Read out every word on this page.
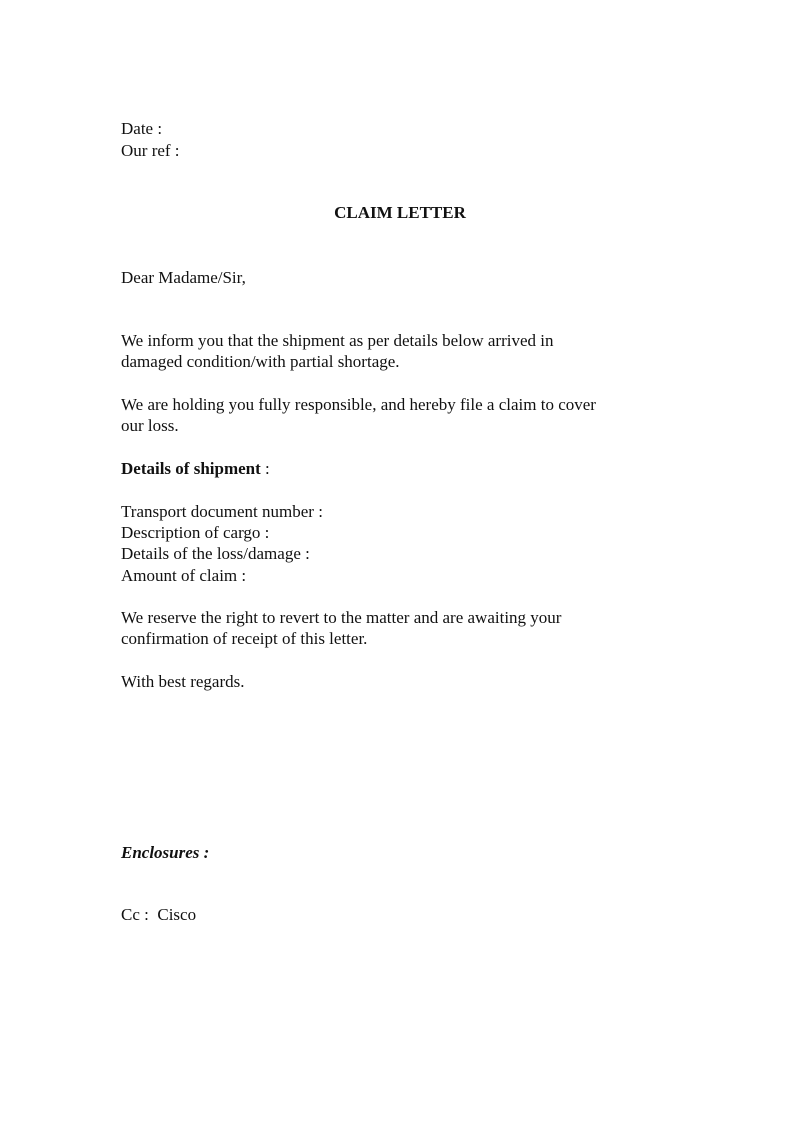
Date :
Our ref :
CLAIM LETTER
Dear Madame/Sir,
We inform you that the shipment as per details below arrived in
damaged condition/with partial shortage.
We are holding you fully responsible, and hereby file a claim to cover
our loss.
Details of shipment :
Transport document number :
Description of cargo :
Details of the loss/damage :
Amount of claim :
We reserve the right to revert to the matter and are awaiting your
confirmation of receipt of this letter.
With best regards.
Enclosures :
Cc :  Cisco
